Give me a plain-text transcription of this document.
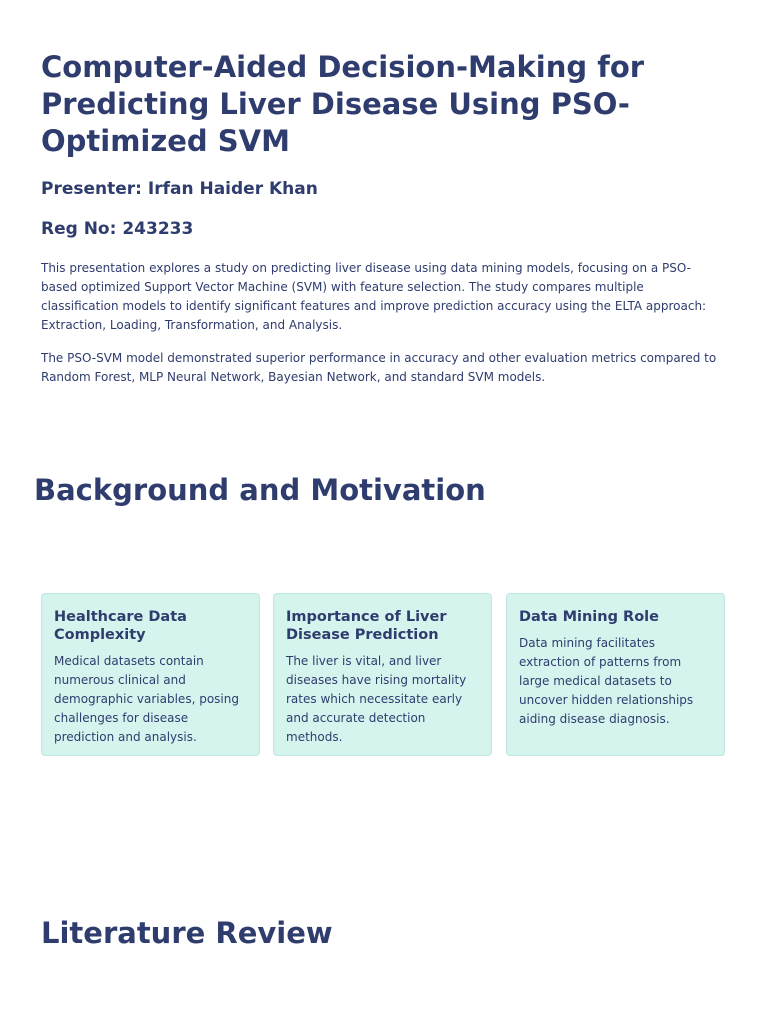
Computer-Aided Decision-Making for Predicting Liver Disease Using PSO-Optimized SVM
Presenter: Irfan Haider Khan
Reg No: 243233

This presentation explores a study on predicting liver disease using data mining models, focusing on a PSO-based optimized Support Vector Machine (SVM) with feature selection. The study compares multiple classification models to identify significant features and improve prediction accuracy using the ELTA approach: Extraction, Loading, Transformation, and Analysis.

The PSO-SVM model demonstrated superior performance in accuracy and other evaluation metrics compared to Random Forest, MLP Neural Network, Bayesian Network, and standard SVM models.

Background and Motivation
Healthcare Data Complexity

Medical datasets contain numerous clinical and demographic variables, posing challenges for disease prediction and analysis.

Importance of Liver Disease Prediction

The liver is vital, and liver diseases have rising mortality rates which necessitate early and accurate detection methods.

Data Mining Role

Data mining facilitates extraction of patterns from large medical datasets to uncover hidden relationships aiding disease diagnosis.

Literature Review
